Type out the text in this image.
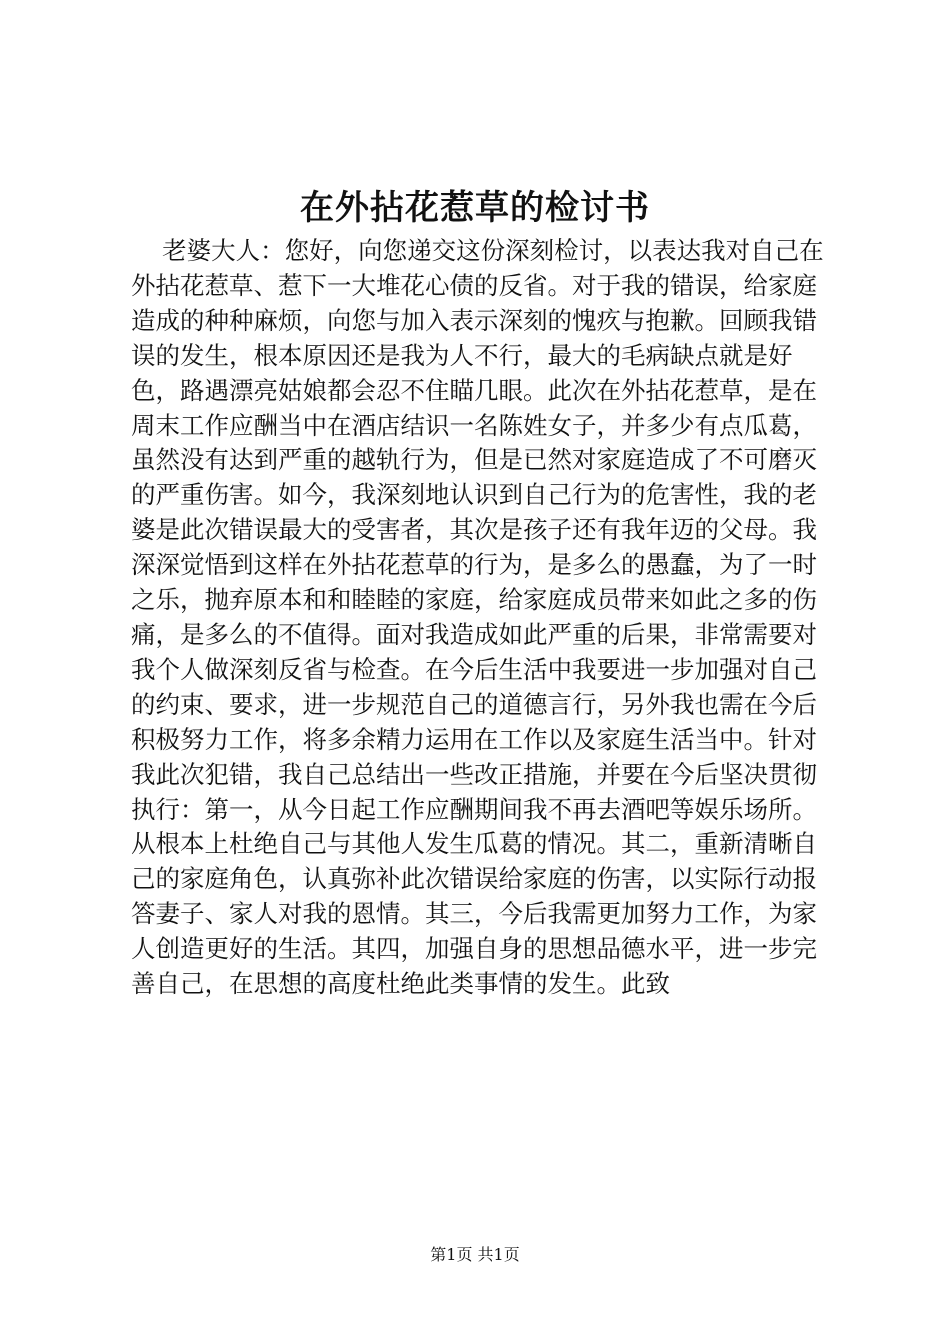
在外拈花惹草的检讨书

老婆大人：您好，向您递交这份深刻检讨，以表达我对自己在外拈花惹草、惹下一大堆花心债的反省。对于我的错误，给家庭造成的种种麻烦，向您与加入表示深刻的愧疚与抱歉。回顾我错误的发生，根本原因还是我为人不行，最大的毛病缺点就是好色，路遇漂亮姑娘都会忍不住瞄几眼。此次在外拈花惹草，是在周末工作应酬当中在酒店结识一名陈姓女子，并多少有点瓜葛，虽然没有达到严重的越轨行为，但是已然对家庭造成了不可磨灭的严重伤害。如今，我深刻地认识到自己行为的危害性，我的老婆是此次错误最大的受害者，其次是孩子还有我年迈的父母。我深深觉悟到这样在外拈花惹草的行为，是多么的愚蠢，为了一时之乐，抛弃原本和和睦睦的家庭，给家庭成员带来如此之多的伤痛，是多么的不值得。面对我造成如此严重的后果，非常需要对我个人做深刻反省与检查。在今后生活中我要进一步加强对自己的约束、要求，进一步规范自己的道德言行，另外我也需在今后积极努力工作，将多余精力运用在工作以及家庭生活当中。针对我此次犯错，我自己总结出一些改正措施，并要在今后坚决贯彻执行：第一，从今日起工作应酬期间我不再去酒吧等娱乐场所。从根本上杜绝自己与其他人发生瓜葛的情况。其二，重新清晰自己的家庭角色，认真弥补此次错误给家庭的伤害，以实际行动报答妻子、家人对我的恩情。其三，今后我需更加努力工作，为家人创造更好的生活。其四，加强自身的思想品德水平，进一步完善自己，在思想的高度杜绝此类事情的发生。此致

第1页 共1页
